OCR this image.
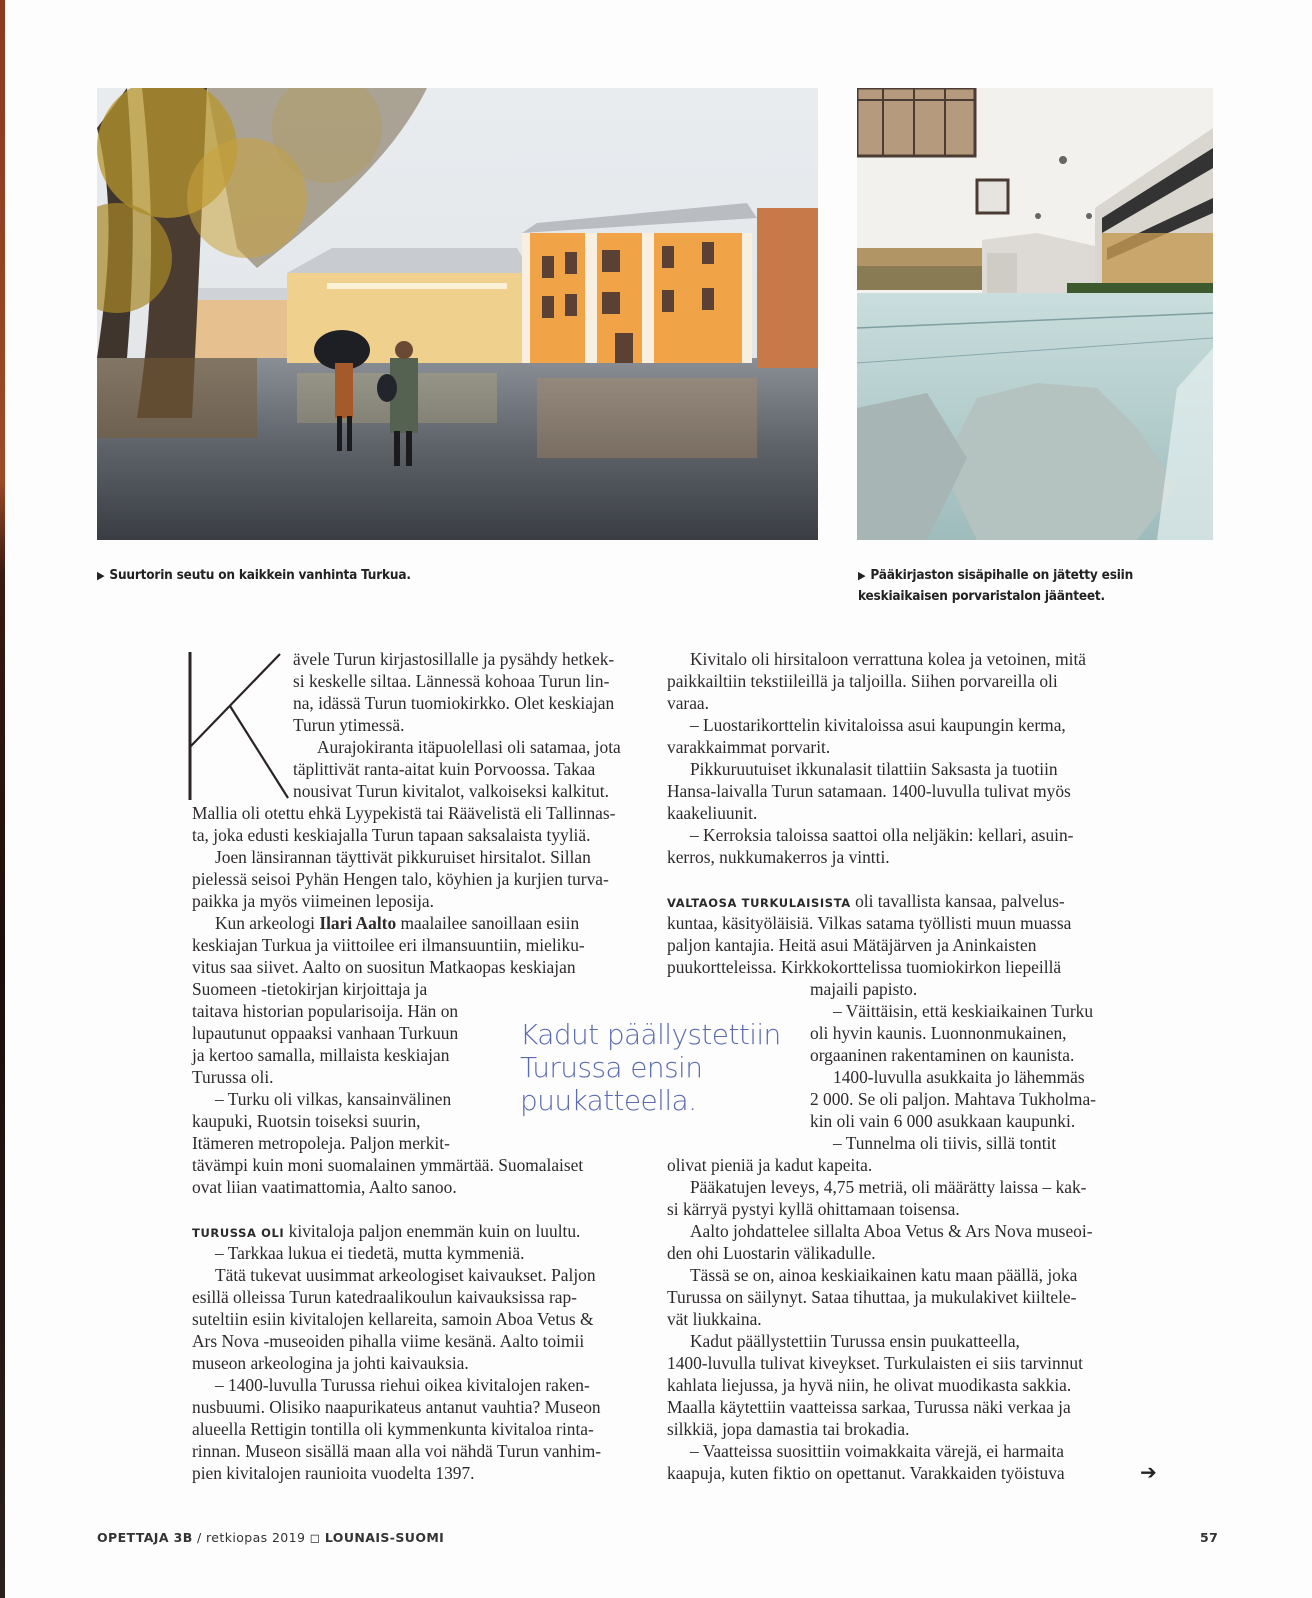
▶ Suurtorin seutu on kaikkein vanhinta Turkua.	▶ Pääkirjaston sisäpihalle on jätetty esiin
keskiaikaisen porvaristalon jäänteet.
ävele Turun kirjastosillalle ja pysähdy hetkek-
si keskelle siltaa. Lännessä kohoaa Turun lin-
na, idässä Turun tuomiokirkko. Olet keskiajan
Turun ytimessä.
Aurajokiranta itäpuolellasi oli satamaa, jota
täplittivät ranta-aitat kuin Porvoossa. Takaa
nousivat Turun kivitalot, valkoiseksi kalkitut.
Mallia oli otettu ehkä Lyypekistä tai Räävelistä eli Tallinnas-
ta, joka edusti keskiajalla Turun tapaan saksalaista tyyliä.
Joen länsirannan täyttivät pikkuruiset hirsitalot. Sillan
pielessä seisoi Pyhän Hengen talo, köyhien ja kurjien turva-
paikka ja myös viimeinen leposija.
Kun arkeologi Ilari Aalto maalailee sanoillaan esiin
keskiajan Turkua ja viittoilee eri ilmansuuntiin, mieliku-
vitus saa siivet. Aalto on suositun Matkaopas keskiajan
Suomeen -tietokirjan kirjoittaja ja
taitava historian popularisoija. Hän on
lupautunut oppaaksi vanhaan Turkuun
ja kertoo samalla, millaista keskiajan
Turussa oli.
– Turku oli vilkas, kansainvälinen
kaupuki, Ruotsin toiseksi suurin,
Itämeren metropoleja. Paljon merkit-
tävämpi kuin moni suomalainen ymmärtää. Suomalaiset
ovat liian vaatimattomia, Aalto sanoo.
TURUSSA OLI kivitaloja paljon enemmän kuin on luultu.
– Tarkkaa lukua ei tiedetä, mutta kymmeniä.
Tätä tukevat uusimmat arkeologiset kaivaukset. Paljon
esillä olleissa Turun katedraalikoulun kaivauksissa rap-
suteltiin esiin kivitalojen kellareita, samoin Aboa Vetus &
Ars Nova -museoiden pihalla viime kesänä. Aalto toimii
museon arkeologina ja johti kaivauksia.
– 1400-luvulla Turussa riehui oikea kivitalojen raken-
nusbuumi. Olisiko naapurikateus antanut vauhtia? Museon
alueella Rettigin tontilla oli kymmenkunta kivitaloa rinta-
rinnan. Museon sisällä maan alla voi nähdä Turun vanhim-
pien kivitalojen raunioita vuodelta 1397.
Kadut päällystettiin
Turussa ensin
puukatteella.
Kivitalo oli hirsitaloon verrattuna kolea ja vetoinen, mitä
paikkailtiin tekstiileillä ja taljoilla. Siihen porvareilla oli
varaa.
– Luostarikorttelin kivitaloissa asui kaupungin kerma,
varakkaimmat porvarit.
Pikkuruutuiset ikkunalasit tilattiin Saksasta ja tuotiin
Hansa-laivalla Turun satamaan. 1400-luvulla tulivat myös
kaakeliuunit.
– Kerroksia taloissa saattoi olla neljäkin: kellari, asuin-
kerros, nukkumakerros ja vintti.
VALTAOSA TURKULAISISTA oli tavallista kansaa, palvelus-
kuntaa, käsityöläisiä. Vilkas satama työllisti muun muassa
paljon kantajia. Heitä asui Mätäjärven ja Aninkaisten
puukortteleissa. Kirkkokorttelissa tuomiokirkon liepeillä
majaili papisto.
– Väittäisin, että keskiaikainen Turku
oli hyvin kaunis. Luonnonmukainen,
orgaaninen rakentaminen on kaunista.
1400-luvulla asukkaita jo lähemmäs
2 000. Se oli paljon. Mahtava Tukholma-
kin oli vain 6 000 asukkaan kaupunki.
– Tunnelma oli tiivis, sillä tontit
olivat pieniä ja kadut kapeita.
Pääkatujen leveys, 4,75 metriä, oli määrätty laissa – kak-
si kärryä pystyi kyllä ohittamaan toisensa.
Aalto johdattelee sillalta Aboa Vetus & Ars Nova museoi-
den ohi Luostarin välikadulle.
Tässä se on, ainoa keskiaikainen katu maan päällä, joka
Turussa on säilynyt. Sataa tihuttaa, ja mukulakivet kiiltele-
vät liukkaina.
Kadut päällystettiin Turussa ensin puukatteella,
1400-luvulla tulivat kiveykset. Turkulaisten ei siis tarvinnut
kahlata liejussa, ja hyvä niin, he olivat muodikasta sakkia.
Maalla käytettiin vaatteissa sarkaa, Turussa näki verkaa ja
silkkiä, jopa damastia tai brokadia.
– Vaatteissa suosittiin voimakkaita värejä, ei harmaita
kaapuja, kuten fiktio on opettanut. Varakkaiden työistuva	➔
OPETTAJA 3B / retkiopas 2019 ◻ LOUNAIS-SUOMI	57
